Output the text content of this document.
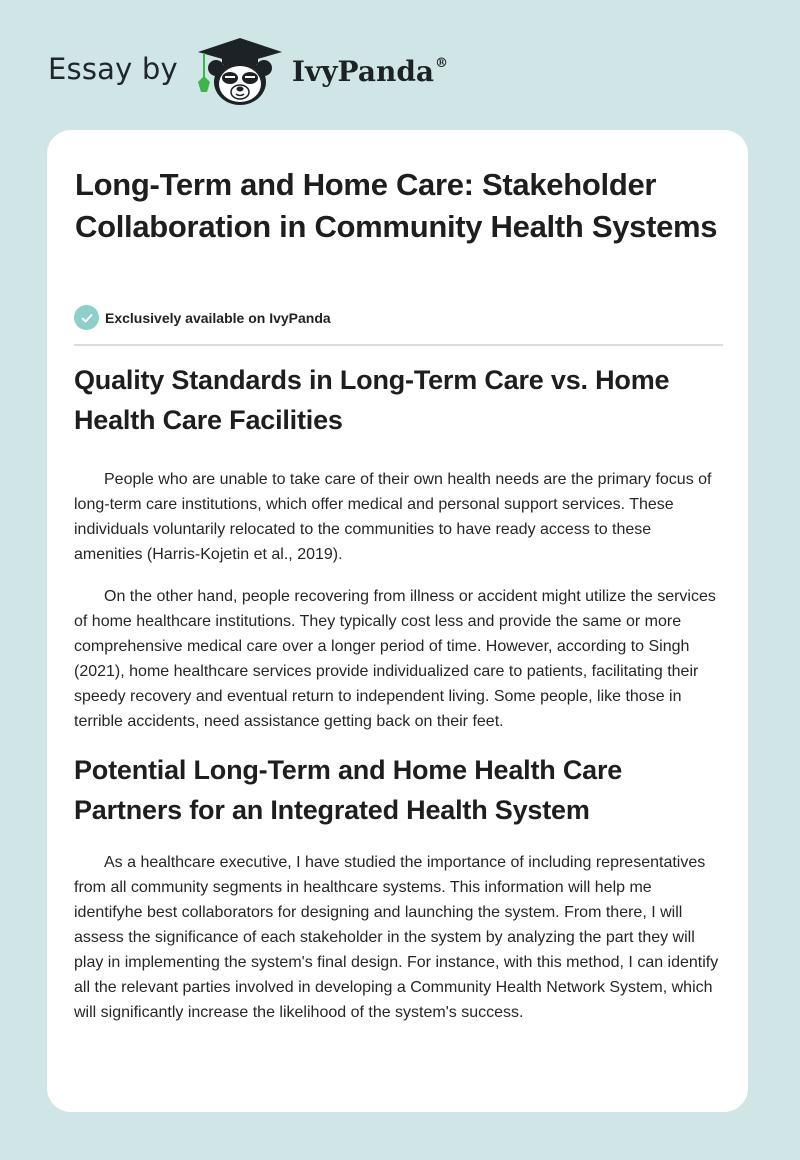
Essay by	IvyPanda®
Long-Term and Home Care: Stakeholder Collaboration in Community Health Systems
Exclusively available on IvyPanda
Quality Standards in Long-Term Care vs. Home Health Care Facilities

People who are unable to take care of their own health needs are the primary focus of long-term care institutions, which offer medical and personal support services. These individuals voluntarily relocated to the communities to have ready access to these amenities (Harris-Kojetin et al., 2019).

On the other hand, people recovering from illness or accident might utilize the services of home healthcare institutions. They typically cost less and provide the same or more comprehensive medical care over a longer period of time. However, according to Singh (2021), home healthcare services provide individualized care to patients, facilitating their speedy recovery and eventual return to independent living. Some people, like those in terrible accidents, need assistance getting back on their feet.

Potential Long-Term and Home Health Care Partners for an Integrated Health System

As a healthcare executive, I have studied the importance of including representatives from all community segments in healthcare systems. This information will help me identifyhe best collaborators for designing and launching the system. From there, I will assess the significance of each stakeholder in the system by analyzing the part they will play in implementing the system's final design. For instance, with this method, I can identify all the relevant parties involved in developing a Community Health Network System, which will significantly increase the likelihood of the system's success.
